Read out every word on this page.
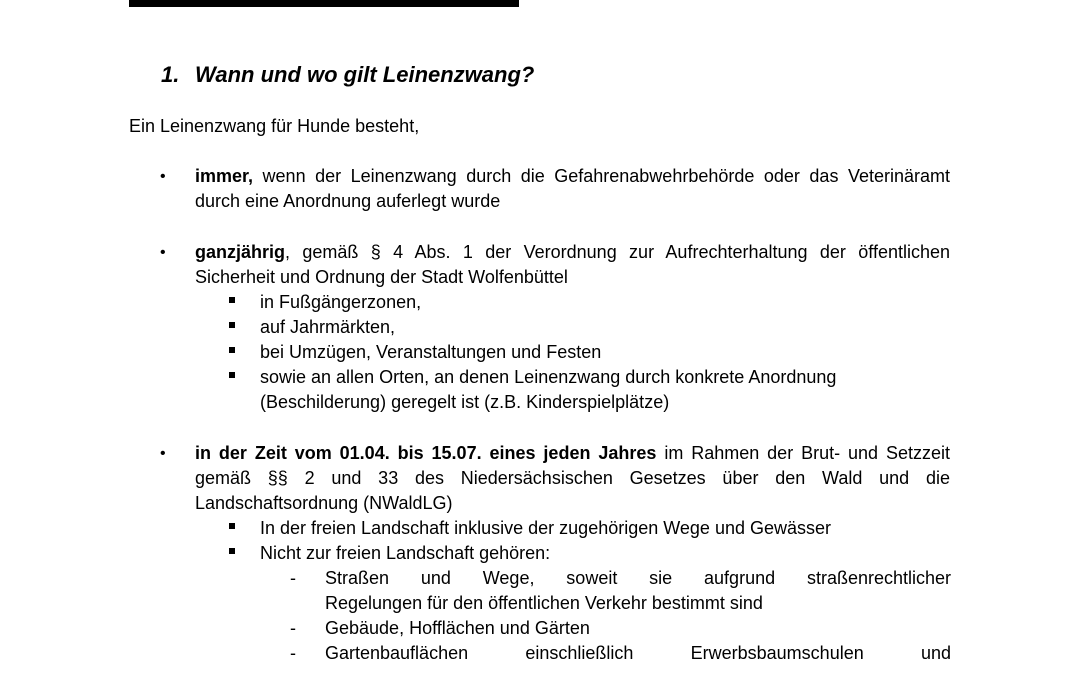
1. Wann und wo gilt Leinenzwang?

Ein Leinenzwang für Hunde besteht,

• immer, wenn der Leinenzwang durch die Gefahrenabwehrbehörde oder das Veterinäramt durch eine Anordnung auferlegt wurde

• ganzjährig, gemäß § 4 Abs. 1 der Verordnung zur Aufrechterhaltung der öffentlichen Sicherheit und Ordnung der Stadt Wolfenbüttel

in Fußgängerzonen,

auf Jahrmärkten,

bei Umzügen, Veranstaltungen und Festen

sowie an allen Orten, an denen Leinenzwang durch konkrete Anordnung

(Beschilderung) geregelt ist (z.B. Kinderspielplätze)

• in der Zeit vom 01.04. bis 15.07. eines jeden Jahres im Rahmen der Brut- und Setzzeit gemäß §§ 2 und 33 des Niedersächsischen Gesetzes über den Wald und die Landschaftsordnung (NWaldLG)

In der freien Landschaft inklusive der zugehörigen Wege und Gewässer

Nicht zur freien Landschaft gehören:

- Straßen und Wege, soweit sie aufgrund straßenrechtlicher

Regelungen für den öffentlichen Verkehr bestimmt sind

- Gebäude, Hofflächen und Gärten

- Gartenbauflächen einschließlich Erwerbsbaumschulen und
